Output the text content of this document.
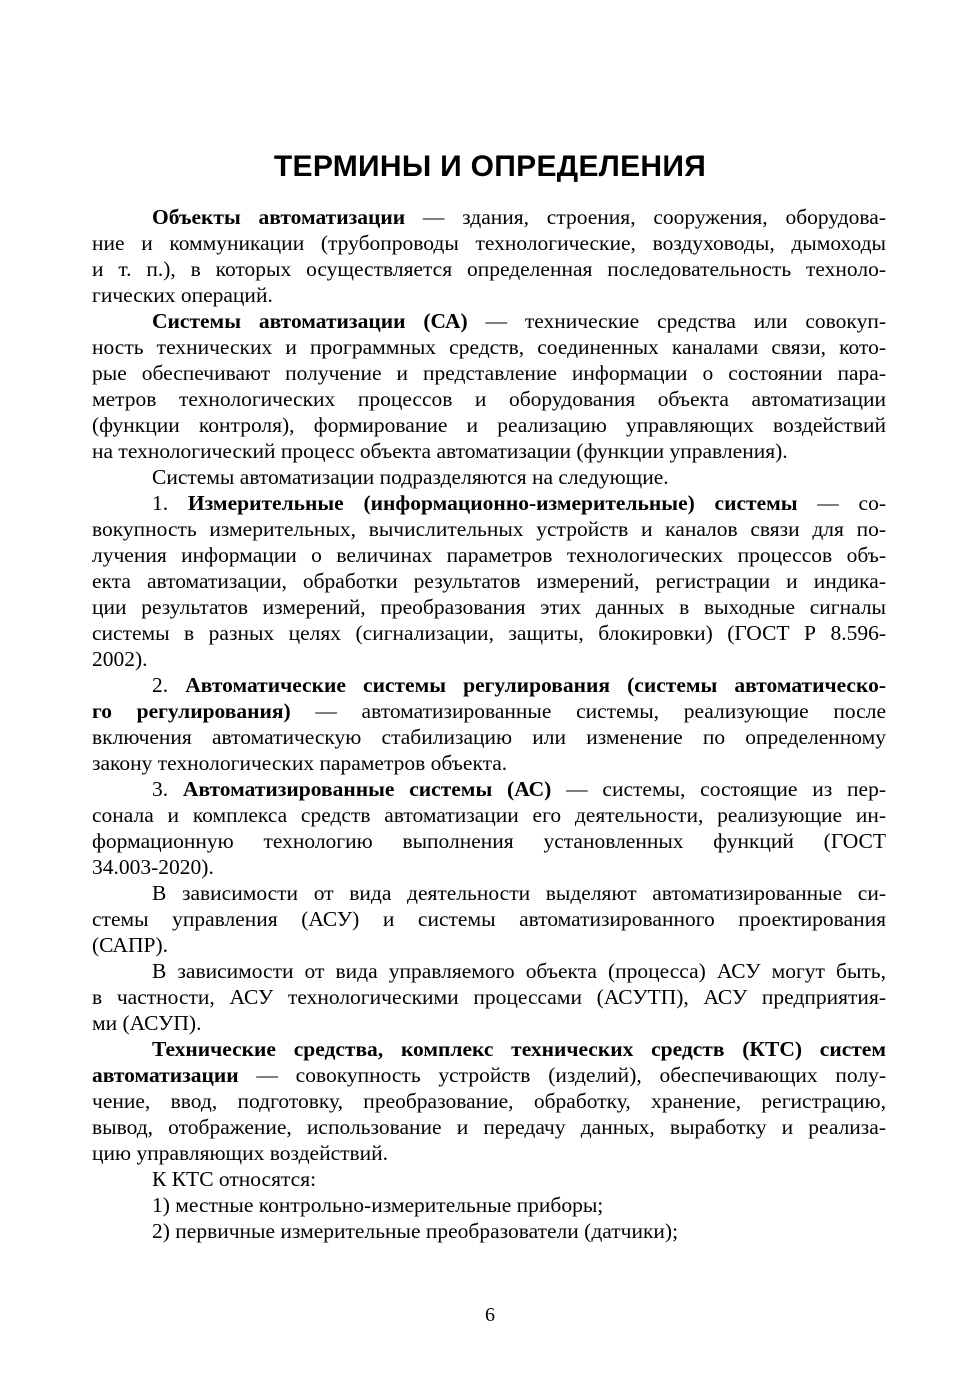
ТЕРМИНЫ И ОПРЕДЕЛЕНИЯ
Объекты автоматизации — здания, строения, сооружения, оборудова-
ние и коммуникации (трубопроводы технологические, воздуховоды, дымоходы
и т. п.), в которых осуществляется определенная последовательность техноло-
гических операций.
Системы автоматизации (СА) — технические средства или совокуп-
ность технических и программных средств, соединенных каналами связи, кото-
рые обеспечивают получение и представление информации о состоянии пара-
метров технологических процессов и оборудования объекта автоматизации
(функции контроля), формирование и реализацию управляющих воздействий
на технологический процесс объекта автоматизации (функции управления).
Системы автоматизации подразделяются на следующие.
1. Измерительные (информационно-измерительные) системы — со-
вокупность измерительных, вычислительных устройств и каналов связи для по-
лучения информации о величинах параметров технологических процессов объ-
екта автоматизации, обработки результатов измерений, регистрации и индика-
ции результатов измерений, преобразования этих данных в выходные сигналы
системы в разных целях (сигнализации, защиты, блокировки) (ГОСТ Р 8.596-
2002).
2. Автоматические системы регулирования (системы автоматическо-
го регулирования) — автоматизированные системы, реализующие после
включения автоматическую стабилизацию или изменение по определенному
закону технологических параметров объекта.
3. Автоматизированные системы (АС) — системы, состоящие из пер-
сонала и комплекса средств автоматизации его деятельности, реализующие ин-
формационную технологию выполнения установленных функций (ГОСТ
34.003-2020).
В зависимости от вида деятельности выделяют автоматизированные си-
стемы управления (АСУ) и системы автоматизированного проектирования
(САПР).
В зависимости от вида управляемого объекта (процесса) АСУ могут быть,
в частности, АСУ технологическими процессами (АСУТП), АСУ предприятия-
ми (АСУП).
Технические средства, комплекс технических средств (КТС) систем
автоматизации — совокупность устройств (изделий), обеспечивающих полу-
чение, ввод, подготовку, преобразование, обработку, хранение, регистрацию,
вывод, отображение, использование и передачу данных, выработку и реализа-
цию управляющих воздействий.
К КТС относятся:
1) местные контрольно-измерительные приборы;
2) первичные измерительные преобразователи (датчики);
6
